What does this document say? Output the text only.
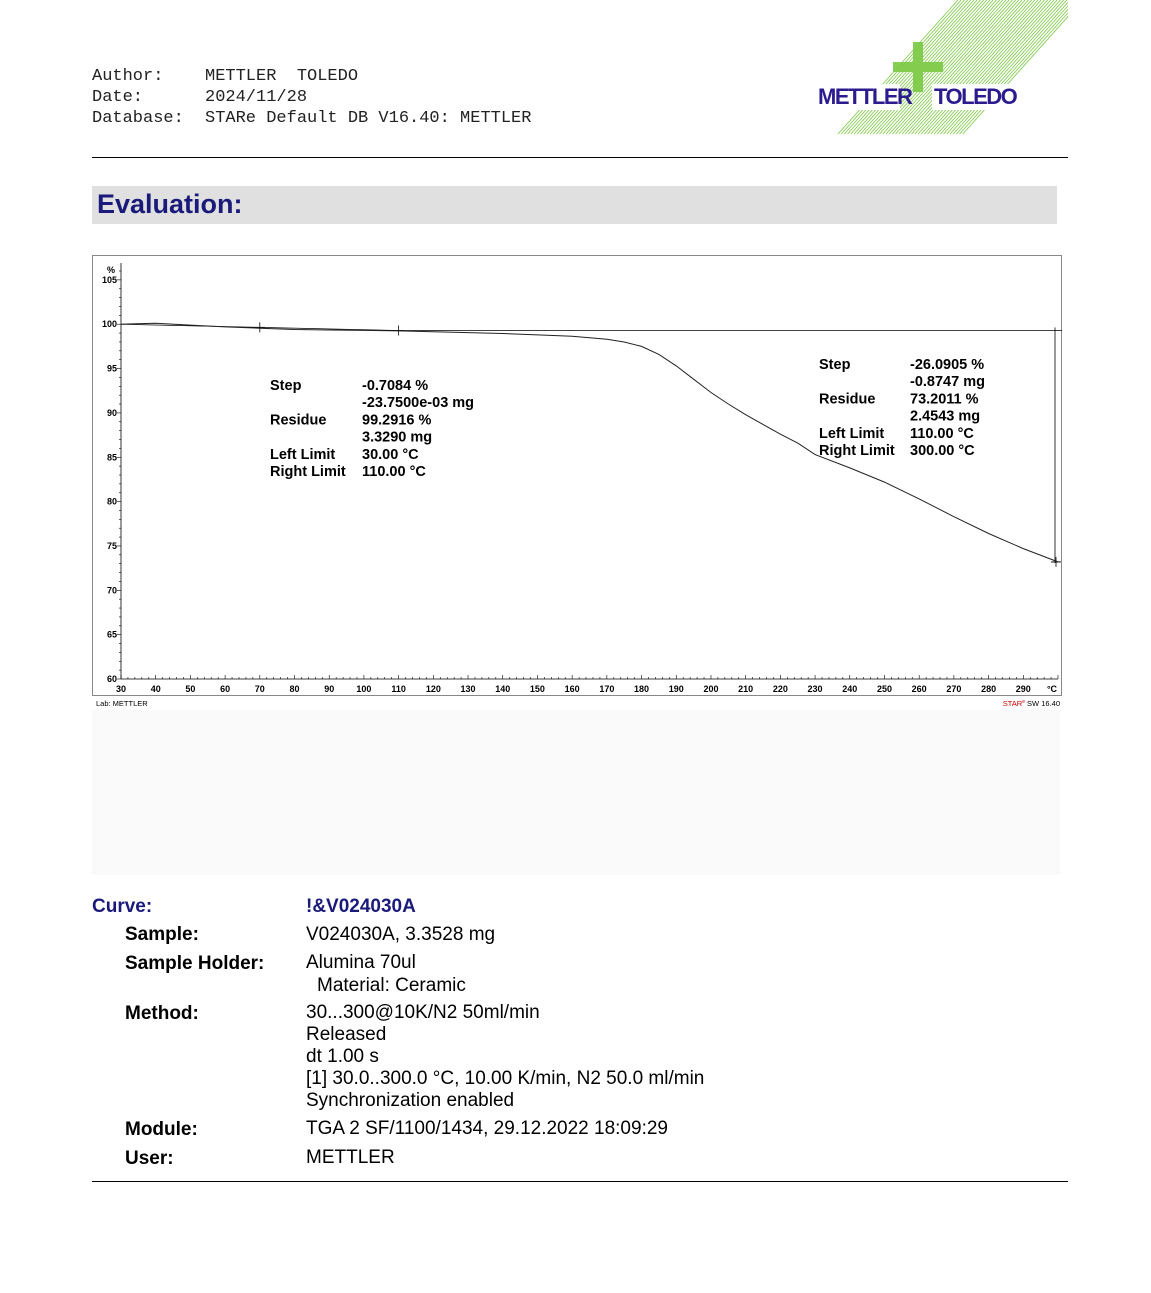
Author:	METTLER  TOLEDO
Date:	2024/11/28
Database:	STARe Default DB V16.40: METTLER
METTLER TOLEDO
Evaluation:
30	40	50	60	70	80	90 100 110 120 130 140 150 160 170 180 190 200 210 220 230 240 250 260 270 280 290 °C
60
65
70
75
80
85
90
95
100
105
%
Step	-0.7084 %
-23.7500e-03 mg
Residue 99.2916 %
3.3290 mg
Left Limit 30.00 °C
Right Limit 110.00 °C
Step	-26.0905 %
-0.8747 mg
Residue 73.2011 %
2.4543 mg
Left Limit 110.00 °C
Right Limit 300.00 °C
Lab: METTLER	STAR$^e$ SW 16.40
Curve:	!&V024030A
Sample:	V024030A, 3.3528 mg
Sample Holder: Alumina 70ul
Material: Ceramic
Method:	30...300@10K/N2 50ml/min
Released
dt 1.00 s
[1] 30.0..300.0 °C, 10.00 K/min, N2 50.0 ml/min
Synchronization enabled
Module:	TGA 2 SF/1100/1434, 29.12.2022 18:09:29
User:	METTLER
